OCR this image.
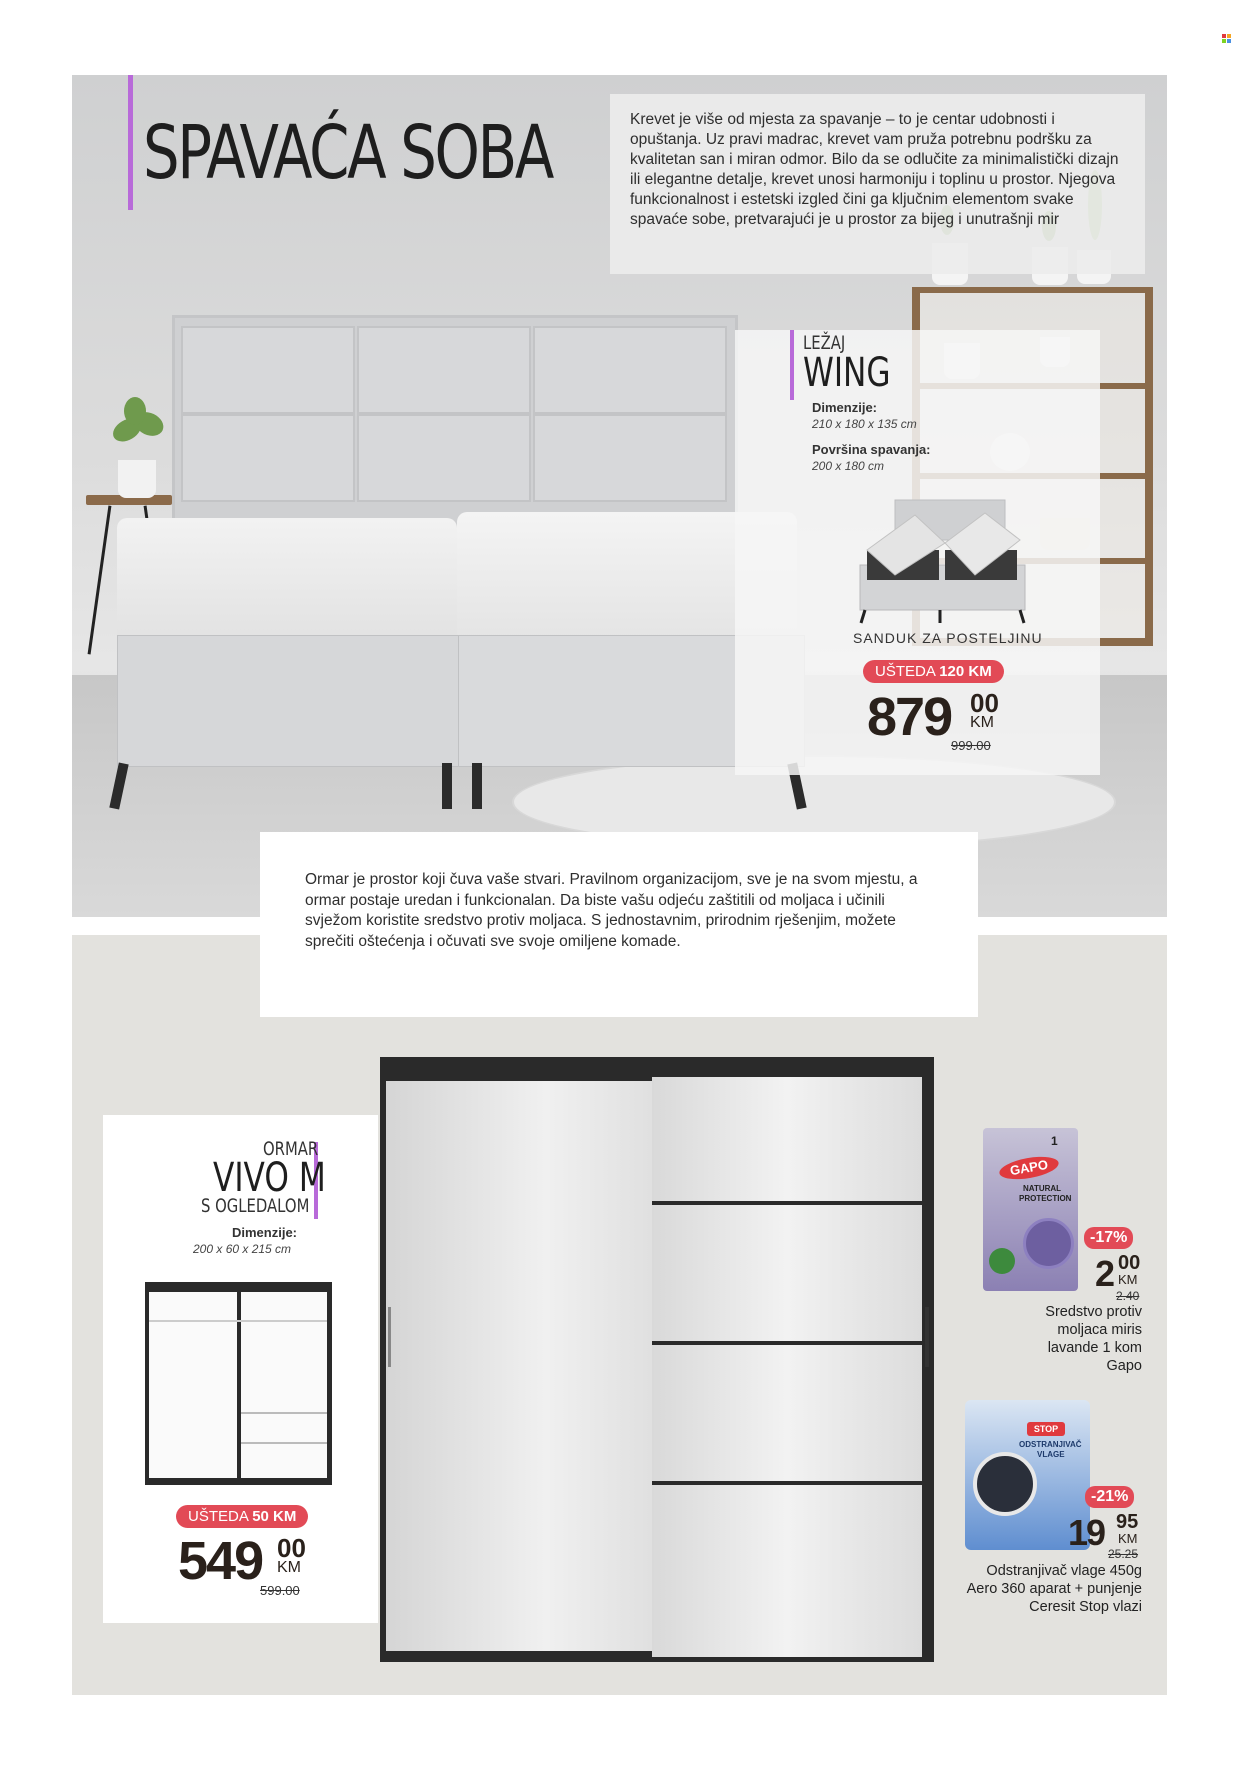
SPAVAĆA SOBA	Krevet je više od mjesta za spavanje – to je centar udobnosti i opuštanja. Uz pravi madrac, krevet vam pruža potrebnu podršku za kvalitetan san i miran odmor. Bilo da se odlučite za minimalistički dizajn ili elegantne detalje, krevet unosi harmoniju i toplinu u prostor. Njegova funkcionalnost i estetski izgled čini ga ključnim elementom svake spavaće sobe, pretvarajući je u prostor za bijeg i unutrašnji mir
LEŽAJ
WING
Dimenzije:
210 x 180 x 135 cm
Površina spavanja:
200 x 180 cm
SANDUK ZA POSTELJINU
UŠTEDA 120 KM
879 00
KM
999.00
Ormar je prostor koji čuva vaše stvari. Pravilnom organizacijom, sve je na svom mjestu, a ormar postaje uredan i funkcionalan. Da biste vašu odjeću zaštitili od moljaca i učinili svježom koristite sredstvo protiv moljaca. S jednostavnim, prirodnim rješenjim, možete sprečiti oštećenja i očuvati sve svoje omiljene komade.
ORMAR
VIVO M
S OGLEDALOM
Dimenzije:
200 x 60 x 215 cm
UŠTEDA 50 KM
549 00
KM
599.00
GAPO
NATURAL
PROTECTION
1
-17%
2 00
KM
2.40
Sredstvo protiv
moljaca miris
lavande 1 kom
Gapo
STOP
ODSTRANJIVAČ
VLAGE
-21%
19 95
KM
25.25
Odstranjivač vlage 450g
Aero 360 aparat + punjenje
Ceresit Stop vlazi
